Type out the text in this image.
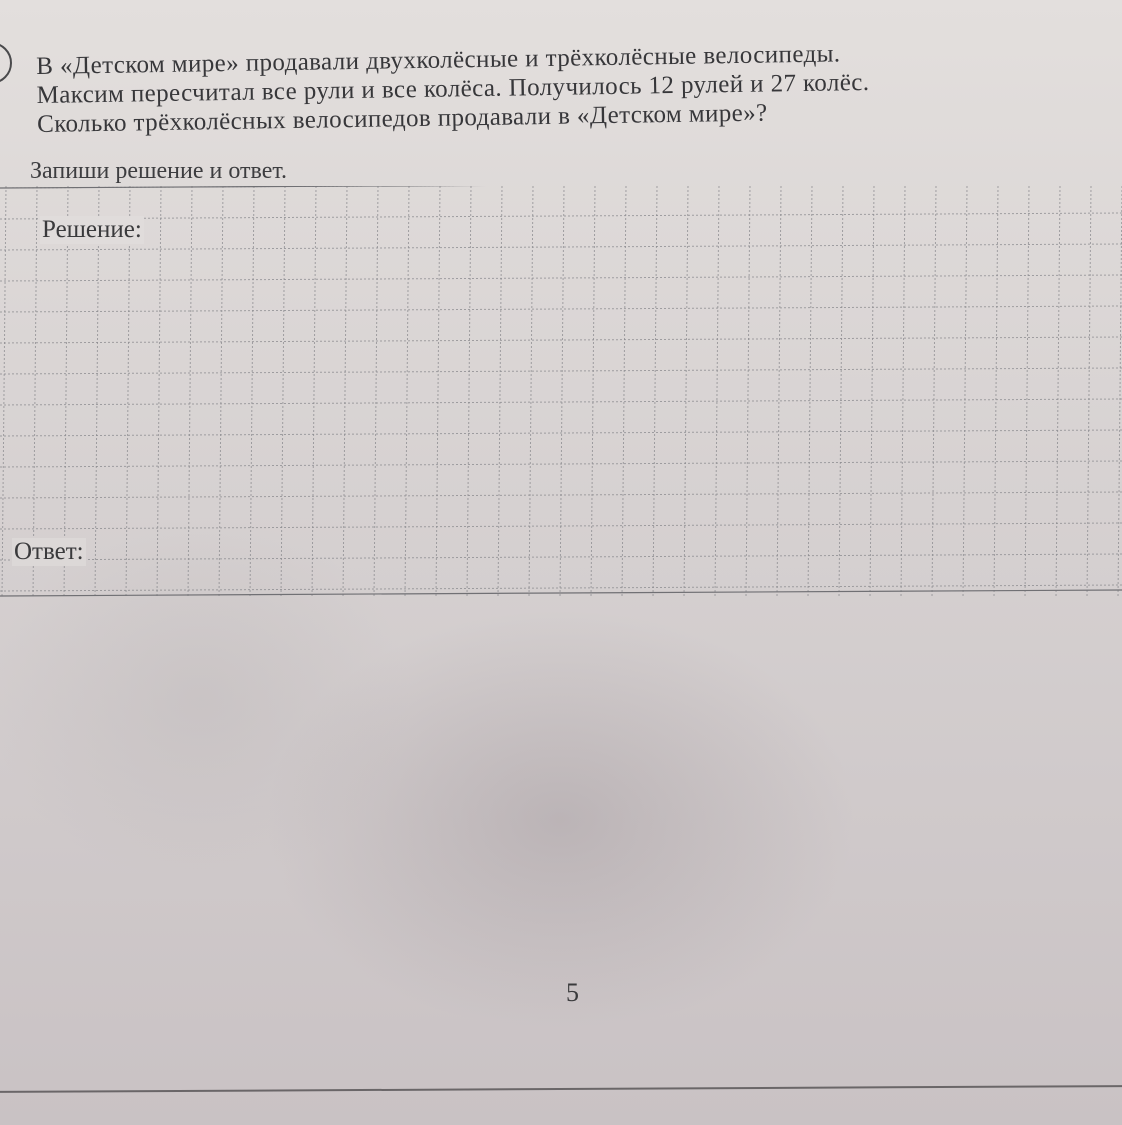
В «Детском мире» продавали двухколёсные и трёхколёсные велосипеды.
Максим пересчитал все рули и все колёса. Получилось 12 рулей и 27 колёс.
Сколько трёхколёсных велосипедов продавали в «Детском мире»?
Запиши решение и ответ.
Решение:
Ответ:
5
